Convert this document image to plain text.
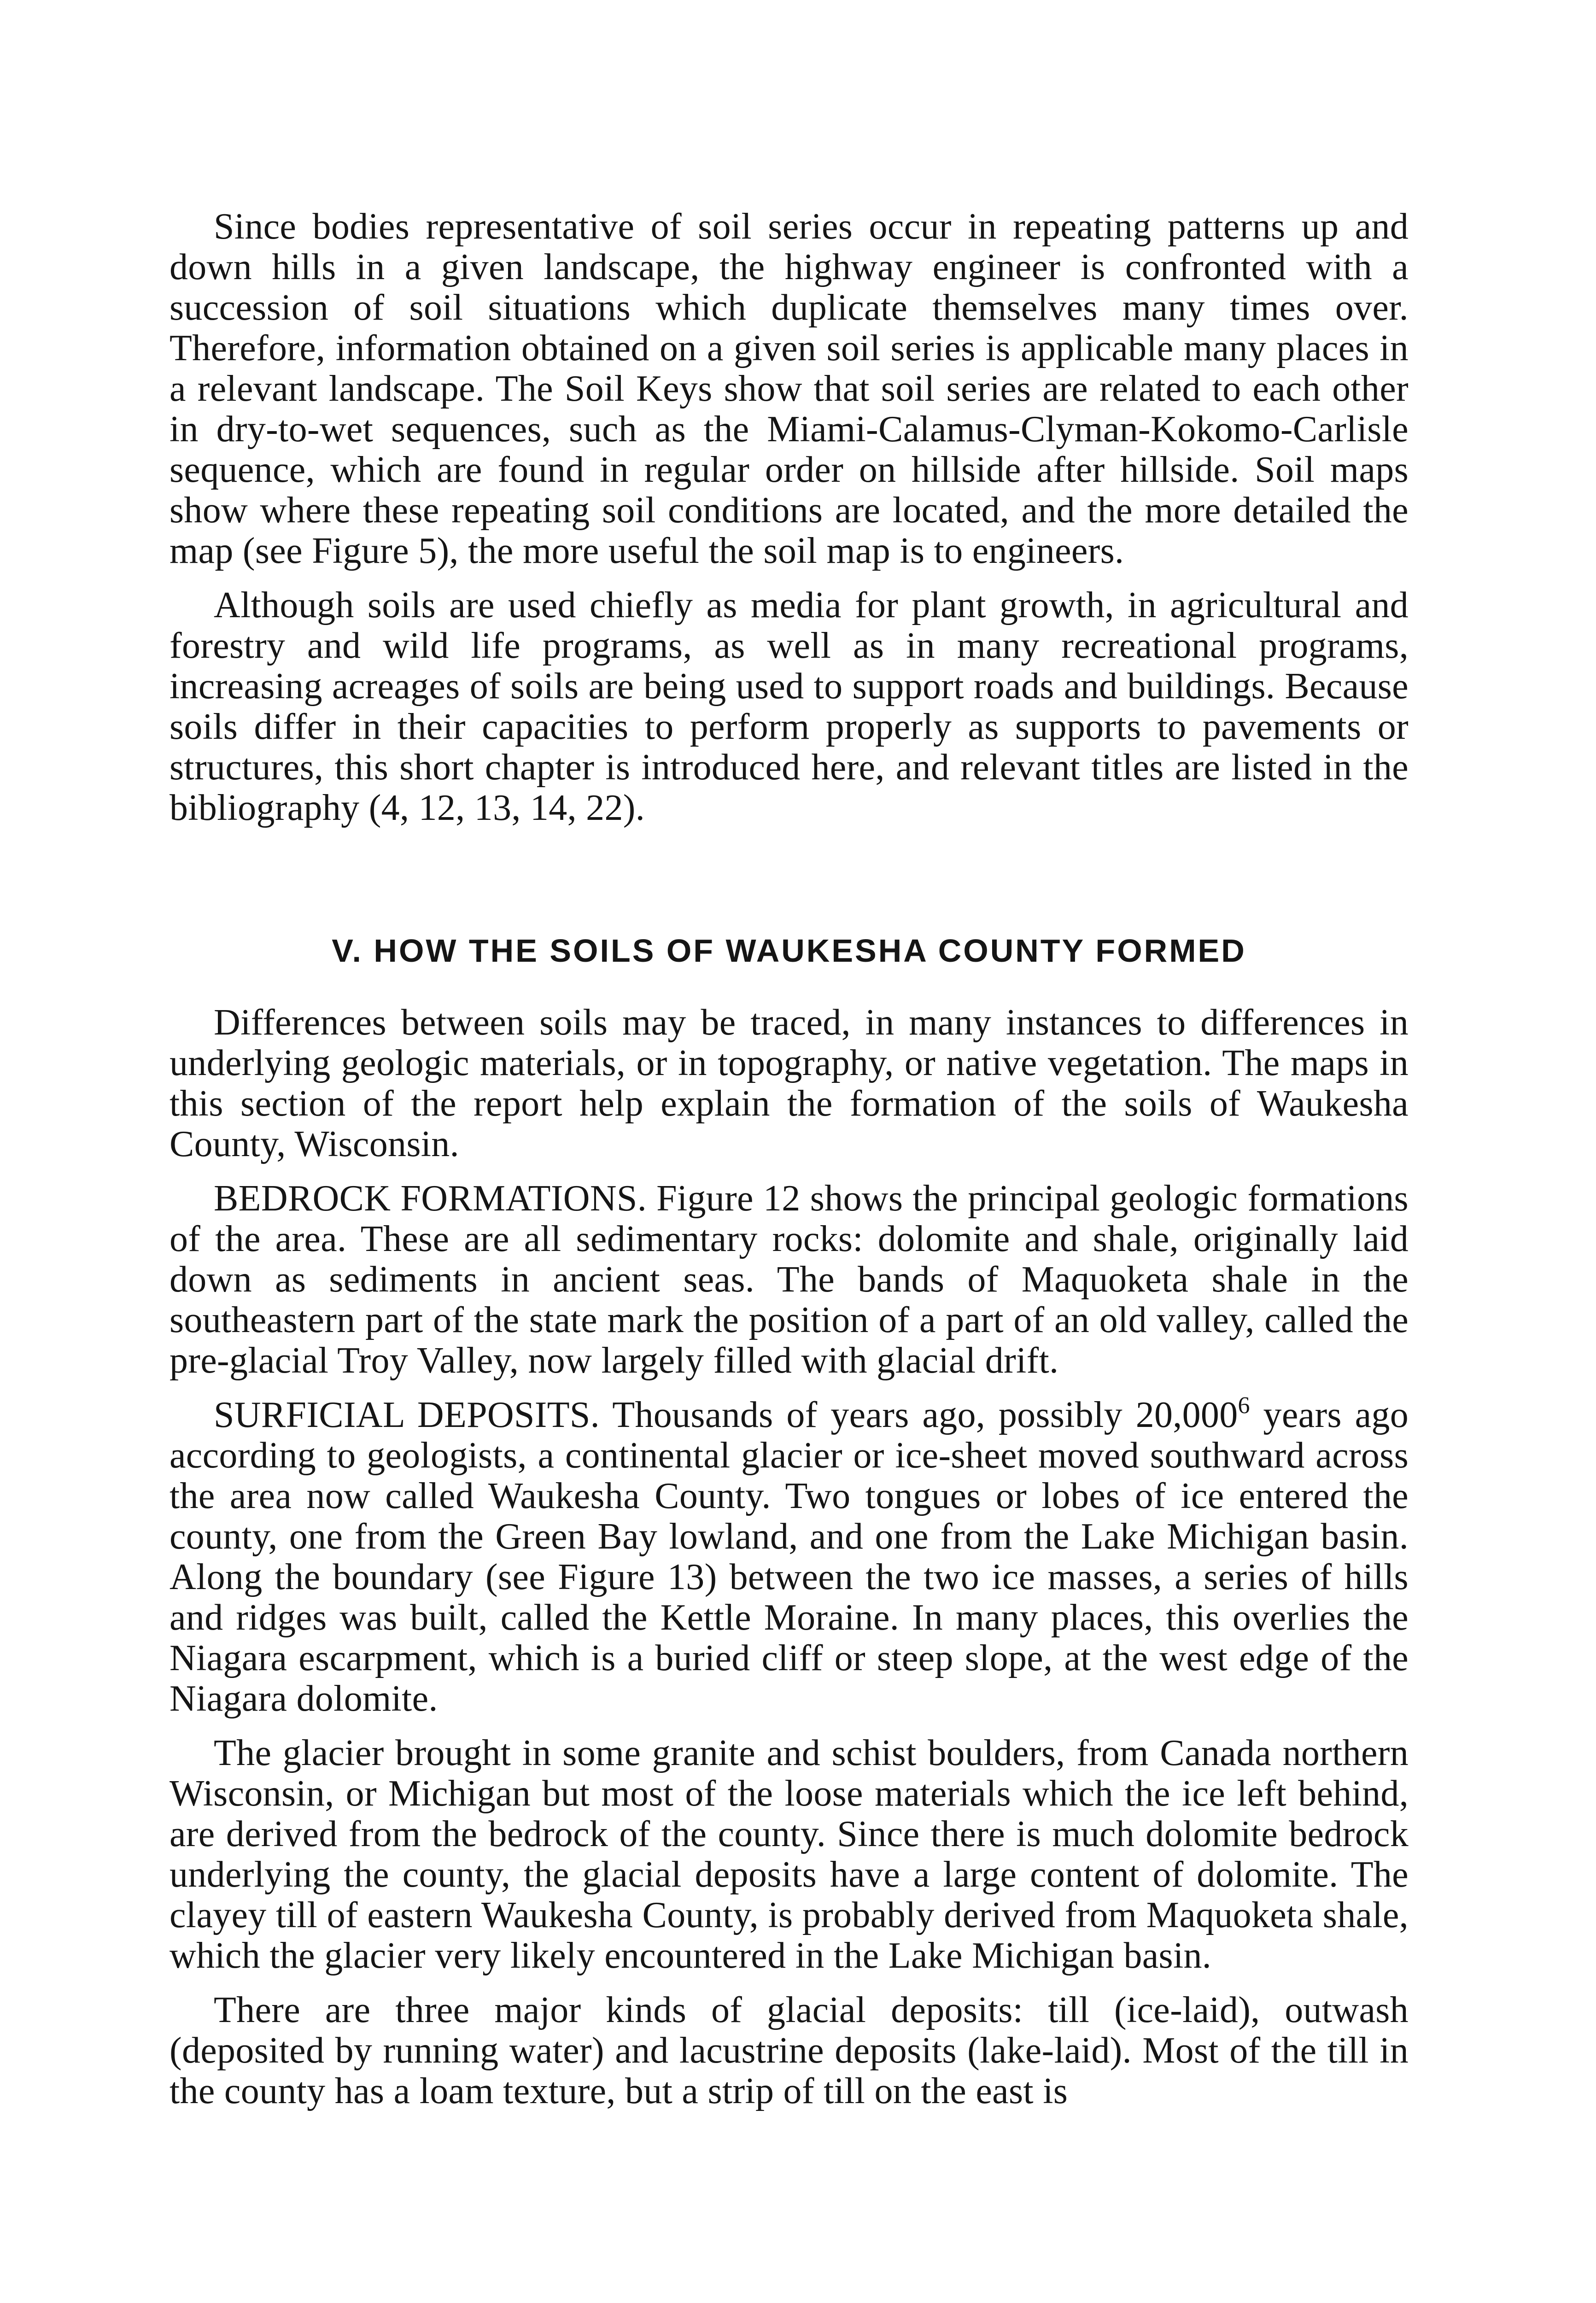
Since bodies representative of soil series occur in repeating patterns up and down hills in a given landscape, the highway engineer is confronted with a succession of soil situations which duplicate themselves many times over. Therefore, information obtained on a given soil series is applicable many places in a relevant landscape. The Soil Keys show that soil series are related to each other in dry-to-wet sequences, such as the Miami-Calamus-Clyman-Kokomo-Carlisle sequence, which are found in regular order on hillside after hillside. Soil maps show where these repeating soil conditions are located, and the more detailed the map (see Figure 5), the more useful the soil map is to engineers.

Although soils are used chiefly as media for plant growth, in agricultural and forestry and wild life programs, as well as in many recreational programs, increasing acreages of soils are being used to support roads and buildings. Because soils differ in their capacities to perform properly as supports to pavements or structures, this short chapter is introduced here, and relevant titles are listed in the bibliography (4, 12, 13, 14, 22).

V. HOW THE SOILS OF WAUKESHA COUNTY FORMED

Differences between soils may be traced, in many instances to differences in underlying geologic materials, or in topography, or native vegetation. The maps in this section of the report help explain the formation of the soils of Waukesha County, Wisconsin.

BEDROCK FORMATIONS. Figure 12 shows the principal geologic formations of the area. These are all sedimentary rocks: dolomite and shale, originally laid down as sediments in ancient seas. The bands of Maquoketa shale in the southeastern part of the state mark the position of a part of an old valley, called the pre-glacial Troy Valley, now largely filled with glacial drift.

SURFICIAL DEPOSITS. Thousands of years ago, possibly 20,000$^6$ years ago according to geologists, a continental glacier or ice-sheet moved southward across the area now called Waukesha County. Two tongues or lobes of ice entered the county, one from the Green Bay lowland, and one from the Lake Michigan basin. Along the boundary (see Figure 13) between the two ice masses, a series of hills and ridges was built, called the Kettle Moraine. In many places, this overlies the Niagara escarpment, which is a buried cliff or steep slope, at the west edge of the Niagara dolomite.

The glacier brought in some granite and schist boulders, from Canada northern Wisconsin, or Michigan but most of the loose materials which the ice left behind, are derived from the bedrock of the county. Since there is much dolomite bedrock underlying the county, the glacial deposits have a large content of dolomite. The clayey till of eastern Waukesha County, is probably derived from Maquoketa shale, which the glacier very likely encountered in the Lake Michigan basin.

There are three major kinds of glacial deposits: till (ice-laid), outwash (deposited by running water) and lacustrine deposits (lake-laid). Most of the till in the county has a loam texture, but a strip of till on the east is
